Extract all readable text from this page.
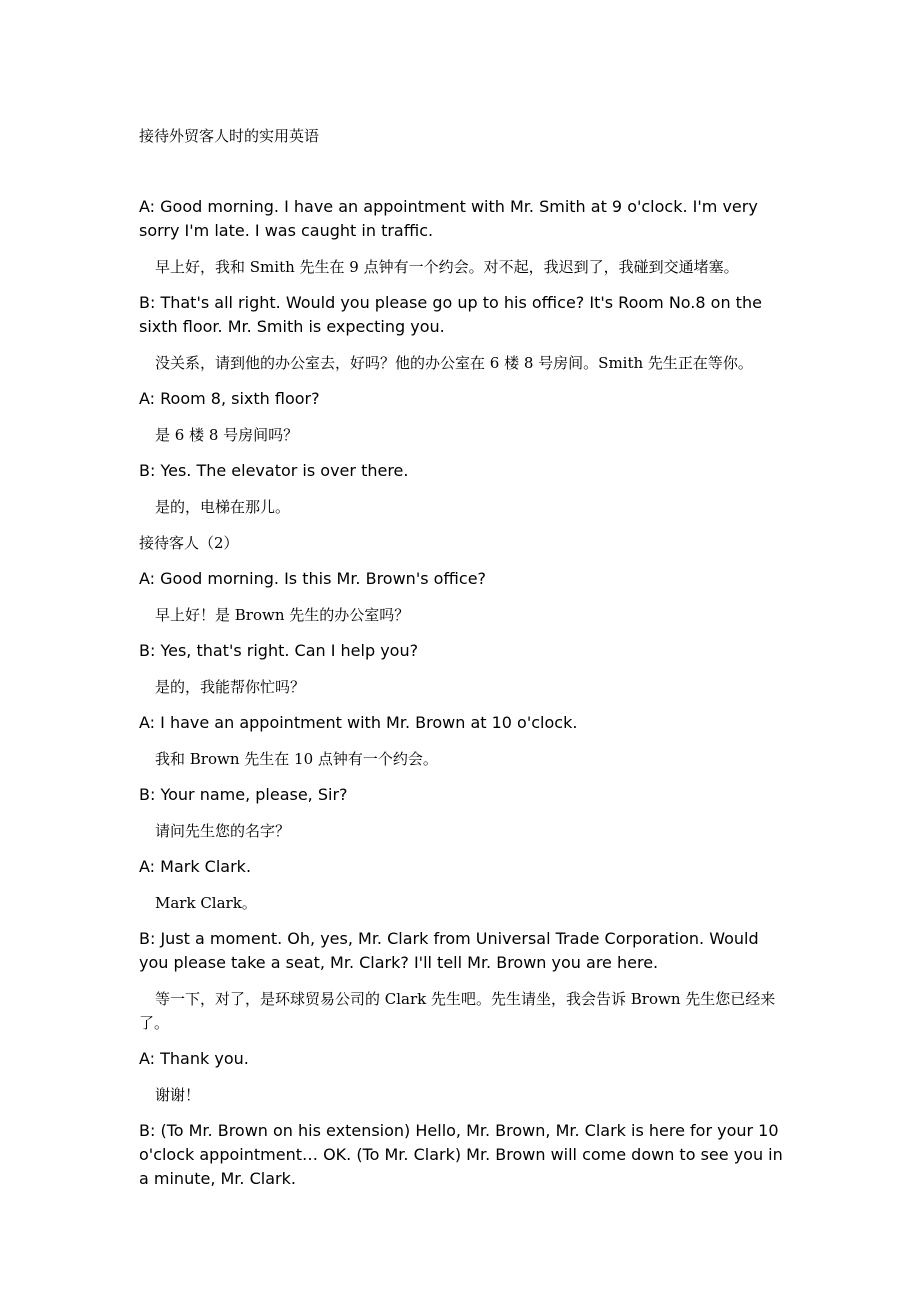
接待外贸客人时的实用英语

A: Good morning. I have an appointment with Mr. Smith at 9 o'clock. I'm very sorry I'm late. I was caught in traffic.

早上好，我和 Smith 先生在 9 点钟有一个约会。对不起，我迟到了，我碰到交通堵塞。

B: That's all right. Would you please go up to his office? It's Room No.8 on the sixth floor. Mr. Smith is expecting you.

没关系，请到他的办公室去，好吗？他的办公室在 6 楼 8 号房间。Smith 先生正在等你。

A: Room 8, sixth floor?

是 6 楼 8 号房间吗？

B: Yes. The elevator is over there.

是的，电梯在那儿。

接待客人（2）

A: Good morning. Is this Mr. Brown's office?

早上好！是 Brown 先生的办公室吗？

B: Yes, that's right. Can I help you?

是的，我能帮你忙吗？

A: I have an appointment with Mr. Brown at 10 o'clock.

我和 Brown 先生在 10 点钟有一个约会。

B: Your name, please, Sir?

请问先生您的名字？

A: Mark Clark.

Mark Clark。

B: Just a moment. Oh, yes, Mr. Clark from Universal Trade Corporation. Would you please take a seat, Mr. Clark? I'll tell Mr. Brown you are here.

等一下，对了，是环球贸易公司的 Clark 先生吧。先生请坐，我会告诉 Brown 先生您已经来了。

A: Thank you.

谢谢！

B: (To Mr. Brown on his extension) Hello, Mr. Brown, Mr. Clark is here for your 10 o'clock appointment… OK. (To Mr. Clark) Mr. Brown will come down to see you in a minute, Mr. Clark.
